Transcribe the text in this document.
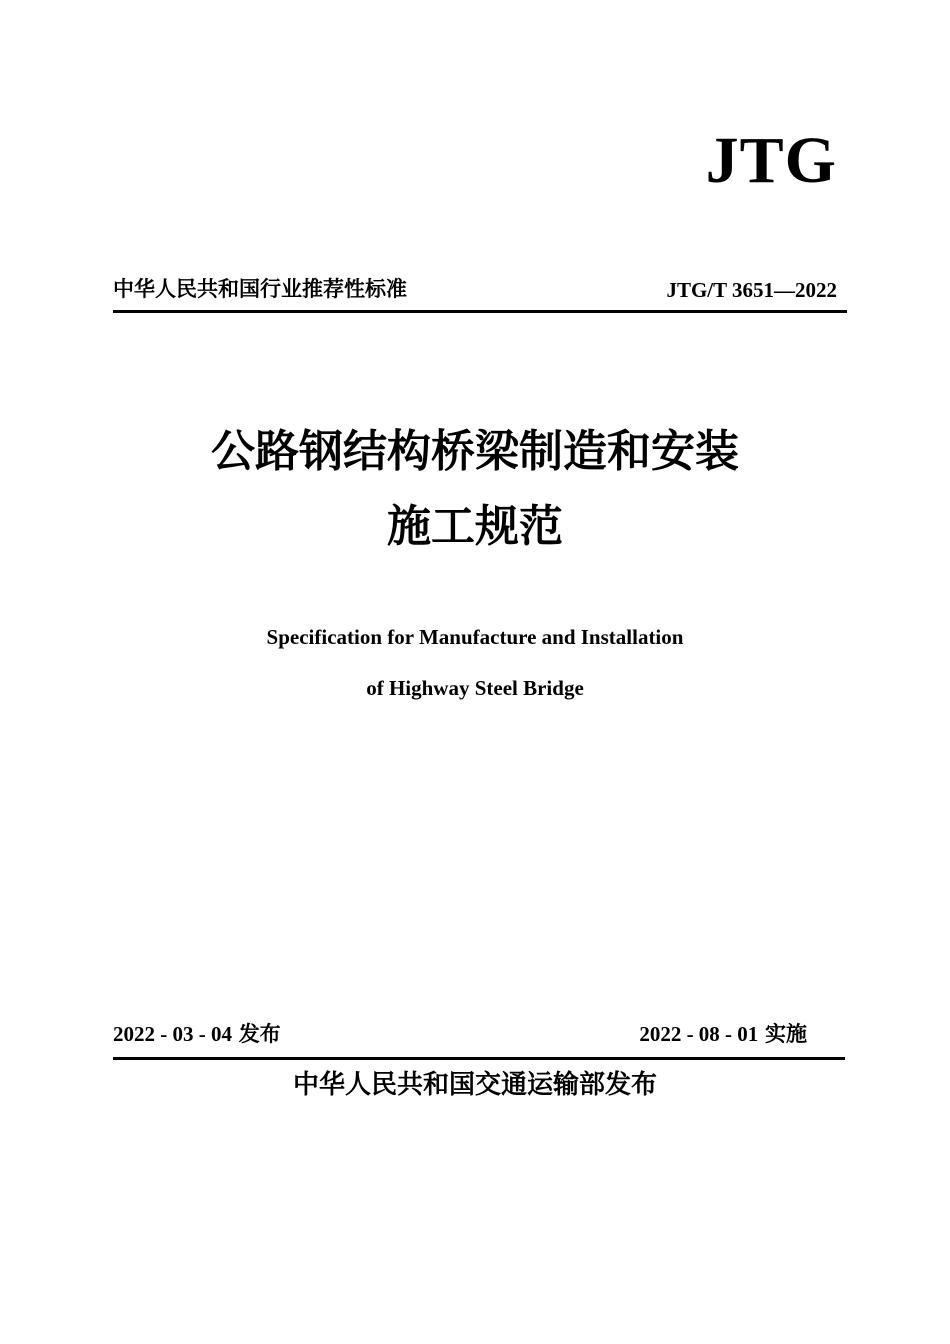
JTG
中华人民共和国行业推荐性标准	JTG/T 3651—2022
公路钢结构桥梁制造和安装
施工规范
Specification for Manufacture and Installation
of Highway Steel Bridge
2022 - 03 - 04 发布	2022 - 08 - 01 实施
中华人民共和国交通运输部发布
